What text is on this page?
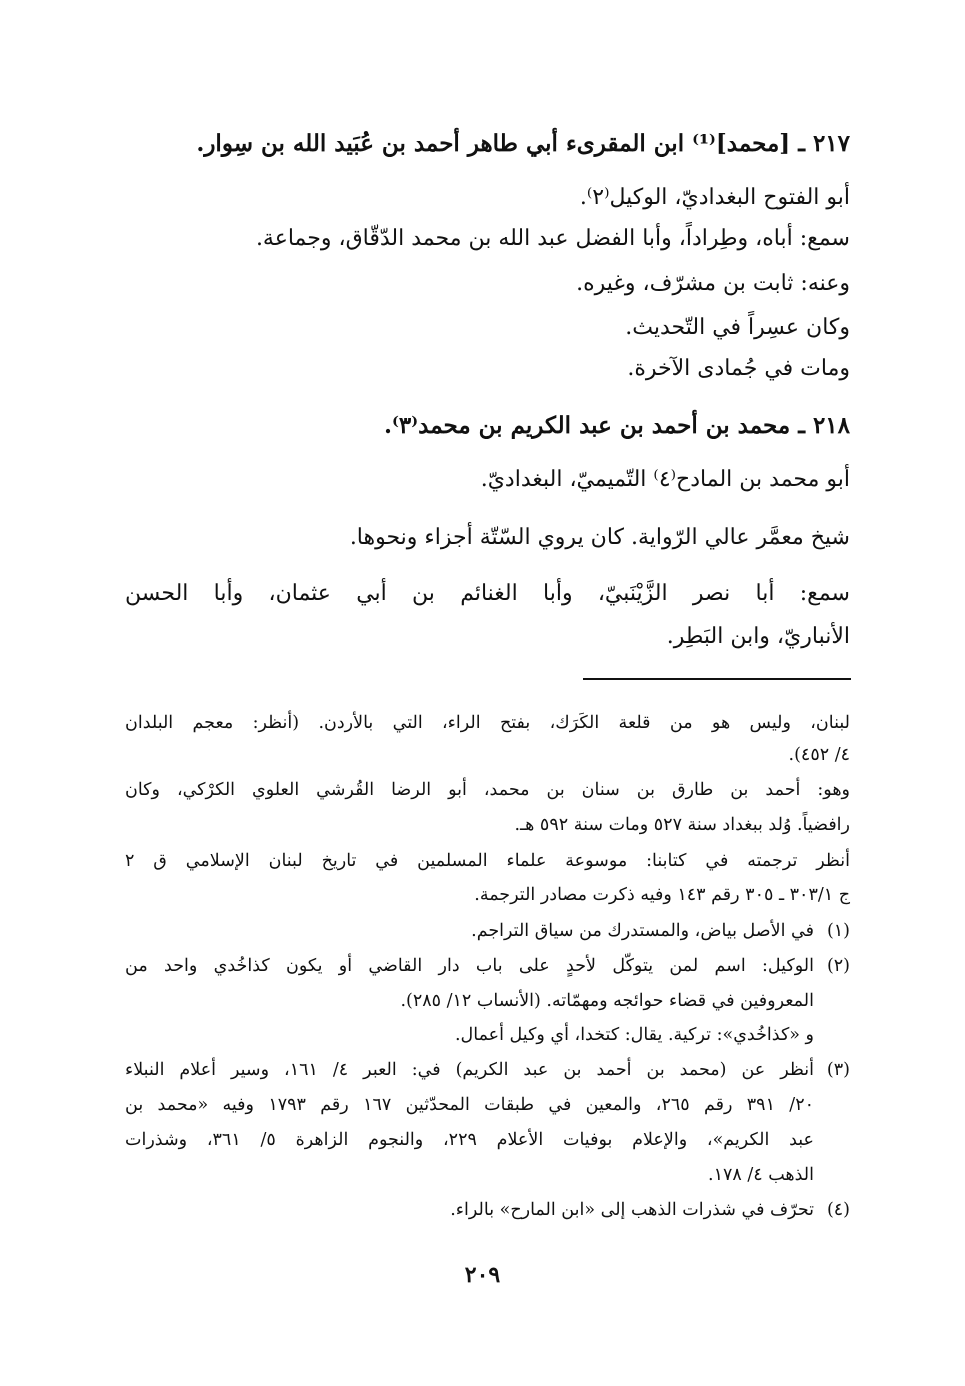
٢١٧ ـ [محمد]⁽¹⁾ ابن المقرىء أبي طاهر أحمد بن عُبَيد الله بن سِوار.
أبو الفتوح البغداديّ، الوكيل⁽٢⁾.
سمع: أباه، وطِراداً، وأبا الفضل عبد الله بن محمد الدّقّاق، وجماعة.
وعنه: ثابت بن مشرّف، وغيره.
وكان عسِراً في التّحديث.
ومات في جُمادى الآخرة.
٢١٨ ـ محمد بن أحمد بن عبد الكريم بن محمد⁽٣⁾.
أبو محمد بن المادح⁽٤⁾ التّميميّ، البغداديّ.
شيخ معمَّر عالي الرّواية. كان يروي السّتّة أجزاء ونحوها.
سمع: أبا نصر الزَّيْنَبيّ، وأبا الغنائم بن أبي عثمان، وأبا الحسن
الأنباريّ، وابن البَطِر.
لبنان، وليس هو من قلعة الكَرَك، بفتح الراء، التي بالأردن. (أنظر: معجم البلدان
٤/ ٤٥٢).
وهو: أحمد بن طارق بن سنان بن محمد، أبو الرضا القُرشي العلوي الكرْكي، وكان
رافضياً. وُلد ببغداد سنة ٥٢٧ ومات سنة ٥٩٢ هـ.
أنظر ترجمته في كتابنا: موسوعة علماء المسلمين في تاريخ لبنان الإسلامي ق ٢
ج ٣٠٣/١ ـ ٣٠٥ رقم ١٤٣ وفيه ذكرت مصادر الترجمة.
(١)في الأصل بياض، والمستدرك من سياق التراجم.
(٢)الوكيل: اسم لمن يتوكّل لأحدٍ على باب دار القاضي أو يكون كذاخُدي واحد من
المعروفين في قضاء حوائجه ومهمّاته. (الأنساب ١٢/ ٢٨٥).
و «كذاخُدي»: تركية. يقال: كتخدا، أي وكيل أعمال.
(٣)أنظر عن (محمد بن أحمد بن عبد الكريم) في: العبر ٤/ ١٦١، وسير أعلام النبلاء
٢٠/ ٣٩١ رقم ٢٦٥، والمعين في طبقات المحدّثين ١٦٧ رقم ١٧٩٣ وفيه «محمد بن
عبد الكريم»، والإعلام بوفيات الأعلام ٢٢٩، والنجوم الزاهرة ٥/ ٣٦١، وشذرات
الذهب ٤/ ١٧٨.
(٤)تحرّف في شذرات الذهب إلى «ابن المارح» بالراء.
٢٠٩
